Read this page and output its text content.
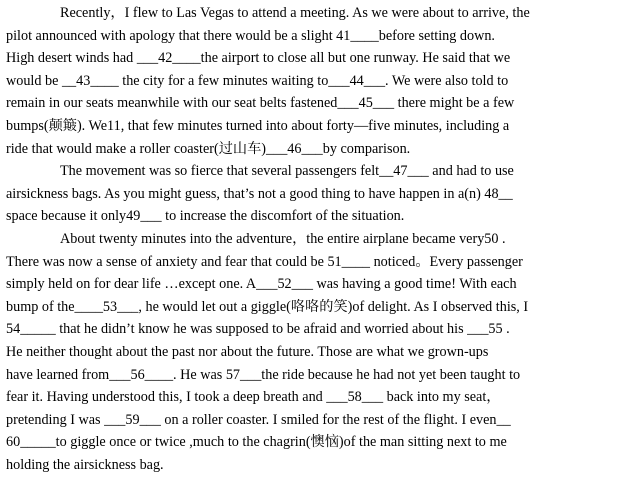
Recently，I flew to Las Vegas to attend a meeting. As we were about to arrive, the
pilot announced with apology that there would be a slight 41____before setting down.
High desert winds had ___42____the airport to close all but one runway. He said that we
would be __43____ the city for a few minutes waiting to___44___. We were also told to
remain in our seats meanwhile with our seat belts fastened___45___ there might be a few
bumps(颠簸). We11, that few minutes turned into about forty—five minutes, including a
ride that would make a roller coaster(过山车)___46___by comparison.
The movement was so fierce that several passengers felt__47___ and had to use
airsickness bags. As you might guess, that’s not a good thing to have happen in a(n) 48__
space because it only49___ to increase the discomfort of the situation.
About twenty minutes into the adventure，the entire airplane became very50 .
There was now a sense of anxiety and fear that could be 51____ noticed。Every passenger
simply held on for dear life …except one. A___52___ was having a good time! With each
bump of the____53___, he would let out a giggle(咯咯的笑)of delight. As I observed this, I
54_____ that he didn’t know he was supposed to be afraid and worried about his ___55 .
He neither thought about the past nor about the future. Those are what we grown-ups
have learned from___56____. He was 57___the ride because he had not yet been taught to
fear it. Having understood this, I took a deep breath and ___58___ back into my seat，
pretending I was ___59___ on a roller coaster. I smiled for the rest of the flight. I even__
60_____to giggle once or twice ,much to the chagrin(懊恼)of the man sitting next to me
holding the airsickness bag.
